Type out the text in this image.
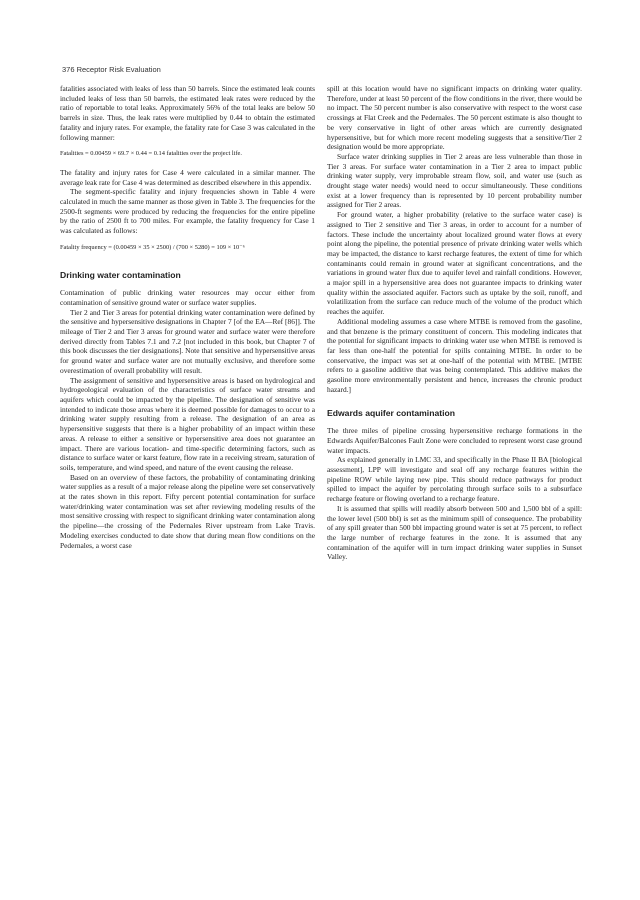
376 Receptor Risk Evaluation

fatalities associated with leaks of less than 50 barrels. Since the estimated leak counts included leaks of less than 50 barrels, the estimated leak rates were reduced by the ratio of reportable to total leaks. Approximately 56% of the total leaks are below 50 barrels in size. Thus, the leak rates were multiplied by 0.44 to obtain the estimated fatality and injury rates. For example, the fatality rate for Case 3 was calculated in the following manner:

Fatalities = 0.00459 × 69.7 × 0.44 = 0.14 fatalities over the project life.

The fatality and injury rates for Case 4 were calculated in a similar manner. The average leak rate for Case 4 was determined as described elsewhere in this appendix.

The segment-specific fatality and injury frequencies shown in Table 4 were calculated in much the same manner as those given in Table 3. The frequencies for the 2500-ft segments were produced by reducing the frequencies for the entire pipeline by the ratio of 2500 ft to 700 miles. For example, the fatality frequency for Case 1 was calculated as follows:

Fatality frequency = (0.00459 × 35 × 2500) / (700 × 5280) = 109 × 10⁻⁶

Drinking water contamination

Contamination of public drinking water resources may occur either from contamination of sensitive ground water or surface water supplies.

Tier 2 and Tier 3 areas for potential drinking water contamination were defined by the sensitive and hypersensitive designations in Chapter 7 [of the EA—Ref [86]]. The mileage of Tier 2 and Tier 3 areas for ground water and surface water were therefore derived directly from Tables 7.1 and 7.2 [not included in this book, but Chapter 7 of this book discusses the tier designations]. Note that sensitive and hypersensitive areas for ground water and surface water are not mutually exclusive, and therefore some overestimation of overall probability will result.

The assignment of sensitive and hypersensitive areas is based on hydrological and hydrogeological evaluation of the characteristics of surface water streams and aquifers which could be impacted by the pipeline. The designation of sensitive was intended to indicate those areas where it is deemed possible for damages to occur to a drinking water supply resulting from a release. The designation of an area as hypersensitive suggests that there is a higher probability of an impact within these areas. A release to either a sensitive or hypersensitive area does not guarantee an impact. There are various location- and time-specific determining factors, such as distance to surface water or karst feature, flow rate in a receiving stream, saturation of soils, temperature, and wind speed, and nature of the event causing the release.

Based on an overview of these factors, the probability of contaminating drinking water supplies as a result of a major release along the pipeline were set conservatively at the rates shown in this report. Fifty percent potential contamination for surface water/drinking water contamination was set after reviewing modeling results of the most sensitive crossing with respect to significant drinking water contamination along the pipeline—the crossing of the Pedernales River upstream from Lake Travis. Modeling exercises conducted to date show that during mean flow conditions on the Pedernales, a worst case

spill at this location would have no significant impacts on drinking water quality. Therefore, under at least 50 percent of the flow conditions in the river, there would be no impact. The 50 percent number is also conservative with respect to the worst case crossings at Flat Creek and the Pedernales. The 50 percent estimate is also thought to be very conservative in light of other areas which are currently designated hypersensitive, but for which more recent modeling suggests that a sensitive/Tier 2 designation would be more appropriate.

Surface water drinking supplies in Tier 2 areas are less vulnerable than those in Tier 3 areas. For surface water contamination in a Tier 2 area to impact public drinking water supply, very improbable stream flow, soil, and water use (such as drought stage water needs) would need to occur simultaneously. These conditions exist at a lower frequency than is represented by 10 percent probability number assigned for Tier 2 areas.

For ground water, a higher probability (relative to the surface water case) is assigned to Tier 2 sensitive and Tier 3 areas, in order to account for a number of factors. These include the uncertainty about localized ground water flows at every point along the pipeline, the potential presence of private drinking water wells which may be impacted, the distance to karst recharge features, the extent of time for which contaminants could remain in ground water at significant concentrations, and the variations in ground water flux due to aquifer level and rainfall conditions. However, a major spill in a hypersensitive area does not guarantee impacts to drinking water quality within the associated aquifer. Factors such as uptake by the soil, runoff, and volatilization from the surface can reduce much of the volume of the product which reaches the aquifer.

Additional modeling assumes a case where MTBE is removed from the gasoline, and that benzene is the primary constituent of concern. This modeling indicates that the potential for significant impacts to drinking water use when MTBE is removed is far less than one-half the potential for spills containing MTBE. In order to be conservative, the impact was set at one-half of the potential with MTBE. [MTBE refers to a gasoline additive that was being contemplated. This additive makes the gasoline more environmentally persistent and hence, increases the chronic product hazard.]

Edwards aquifer contamination

The three miles of pipeline crossing hypersensitive recharge formations in the Edwards Aquifer/Balcones Fault Zone were concluded to represent worst case ground water impacts.

As explained generally in LMC 33, and specifically in the Phase II BA [biological assessment], LPP will investigate and seal off any recharge features within the pipeline ROW while laying new pipe. This should reduce pathways for product spilled to impact the aquifer by percolating through surface soils to a subsurface recharge feature or flowing overland to a recharge feature.

It is assumed that spills will readily absorb between 500 and 1,500 bbl of a spill: the lower level (500 bbl) is set as the minimum spill of consequence. The probability of any spill greater than 500 bbl impacting ground water is set at 75 percent, to reflect the large number of recharge features in the zone. It is assumed that any contamination of the aquifer will in turn impact drinking water supplies in Sunset Valley.
